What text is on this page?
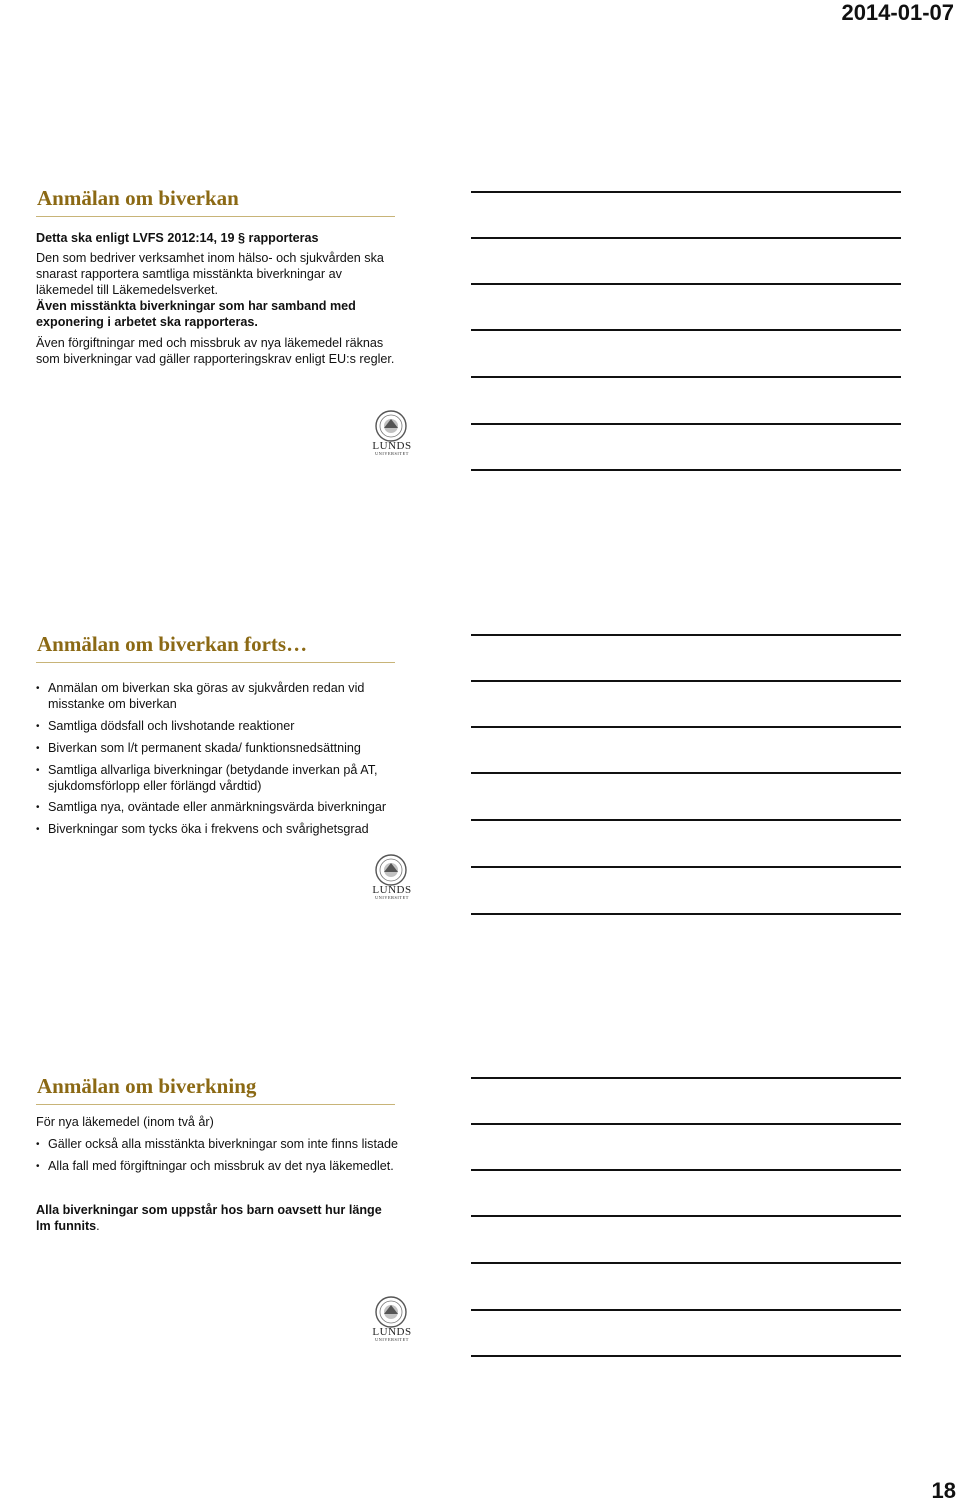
2014-01-07
Anmälan om biverkan

Detta ska enligt LVFS 2012:14, 19 § rapporteras

Den som bedriver verksamhet inom hälso- och sjukvården ska snarast rapportera samtliga misstänkta biverkningar av läkemedel till Läkemedelsverket.

Även misstänkta biverkningar som har samband med exponering i arbetet ska rapporteras.

Även förgiftningar med och missbruk av nya läkemedel räknas som biverkningar vad gäller rapporteringskrav enligt EU:s regler.

LUNDS
UNIVERSITET
Anmälan om biverkan forts…
• Anmälan om biverkan ska göras av sjukvården redan vid misstanke om biverkan
• Samtliga dödsfall och livshotande reaktioner
• Biverkan som l/t permanent skada/ funktionsnedsättning
• Samtliga allvarliga biverkningar (betydande inverkan på AT, sjukdomsförlopp eller förlängd vårdtid)
• Samtliga nya, oväntade eller anmärkningsvärda biverkningar
• Biverkningar som tycks öka i frekvens och svårighetsgrad
LUNDS
UNIVERSITET
Anmälan om biverkning

För nya läkemedel (inom två år)

• Gäller också alla misstänkta biverkningar som inte finns listade
• Alla fall med förgiftningar och missbruk av det nya läkemedlet.

Alla biverkningar som uppstår hos barn oavsett hur länge lm funnits.

LUNDS
UNIVERSITET
18
